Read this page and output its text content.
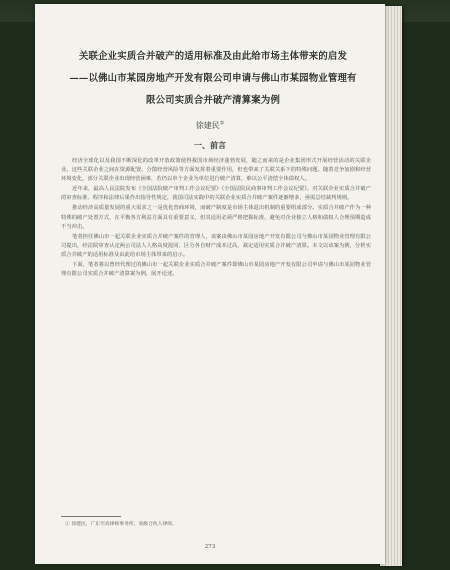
关联企业实质合并破产的适用标准及由此给市场主体带来的启发
——以佛山市某园房地产开发有限公司申请与佛山市某园物业管理有
限公司实质合并破产清算案为例
徐建民①
一、前言

经济全球化以及我国不断深化的改革开放政策使得我国市场经济蓬勃发展，随之而来的是企业集团形式开展经营活动的关联企业。这些关联企业之间在资源配置、分散经营风险等方面发挥着重要作用，但也带来了关联关系下的特殊问题。随着竞争加剧和经营环境变化，部分关联企业出现经营困难，若仍以单个企业为单位进行破产清算，难以公平清偿全体债权人。

近年来，最高人民法院发布《全国法院破产审判工作会议纪要》《全国法院民商事审判工作会议纪要》，对关联企业实质合并破产的审查标准、程序和法律后果作出指导性规定，我国司法实践中的关联企业实质合并破产案件逐渐增多，亟需总结裁判规则。

推动经济高质量发展的重大需求之一是优化营商环境，而破产制度是市场主体退出机制的重要组成部分。实质合并破产作为一种特殊的破产处置方式，在平衡各方利益方面具有重要意义，但其适用必须严格把握标准，避免对企业独立人格和债权人合理预期造成不当冲击。

笔者担任佛山市一起关联企业实质合并破产案件的管理人，该案由佛山市某园房地产开发有限公司与佛山市某园物业管理有限公司提出，经法院审查认定两公司法人人格高度混同、区分各自财产成本过高，裁定适用实质合并破产清算。本文以该案为例，分析实质合并破产的适用标准及由此给市场主体带来的启示。

下面，笔者将以曾经代理过的佛山市一起关联企业实质合并破产案件即佛山市某园房地产开发有限公司申请与佛山市某园物业管理有限公司实质合并破产清算案为例，展开论述。

① 徐建民，广东至高律师事务所，高级合伙人律师。
273
